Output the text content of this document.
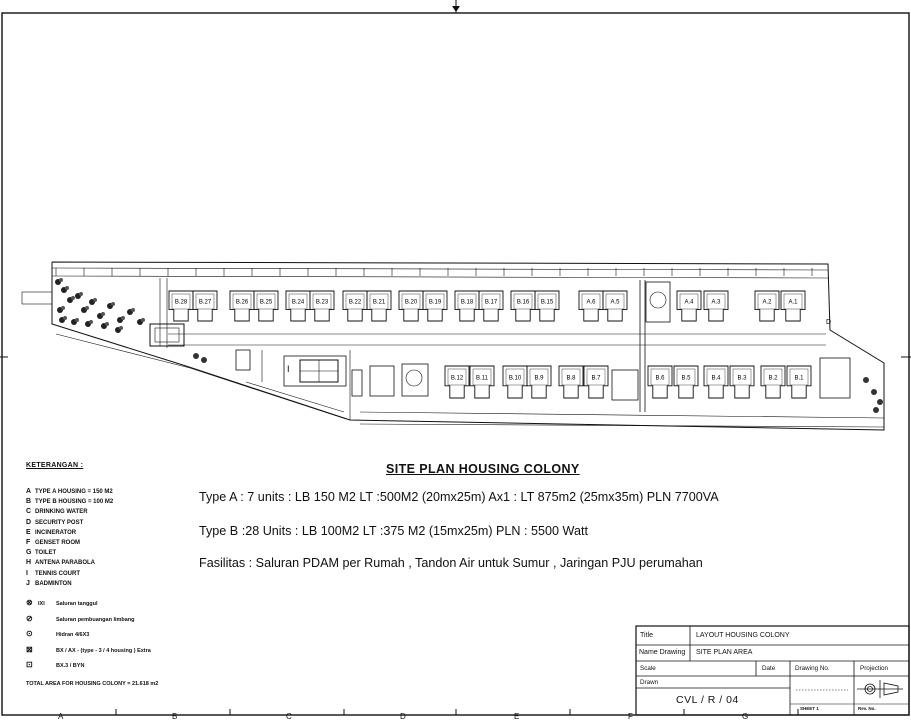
A	B	C	D	E	F	G
B.28 B.27	B.26 B.25	B.24 B.23	B.22 B.21	B.20 B.19	B.18 B.17	B.16 B.15	A.6 A.5	A.4	A.3	A.2	A.1
B.12 B.11	B.10 B.9	B.8	B.7	B.6	B.5	B.4	B.3	B.2	B.1
I
D
KETERANGAN :
A TYPE A HOUSING = 150 M2
B TYPE B HOUSING = 100 M2
C DRINKING WATER
D SECURITY POST
E INCINERATOR
F GENSET ROOM
G TOILET
H ANTENA PARABOLA
I TENNIS COURT
J BADMINTON
⊗ IXI Saluran tanggul
⊘	Saluran pembuangan limbang
⊙	Hidran 4/6X3
⊠	BX / AX - (type - 3 / 4 housing ) Extra
⊡	BX.3 / BYN
TOTAL AREA FOR HOUSING COLONY = 21.618 m2
SITE PLAN HOUSING COLONY
Type A : 7 units : LB 150 M2 LT :500M2 (20mx25m) Ax1 : LT 875m2 (25mx35m) PLN 7700VA
Type B :28 Units : LB 100M2 LT :375 M2 (15mx25m) PLN : 5500 Watt
Fasilitas : Saluran PDAM per Rumah , Tandon Air untuk Sumur , Jaringan PJU perumahan
Title	LAYOUT HOUSING COLONY
Name Drawing SITE PLAN AREA
Scale	Date	Drawing No.	Projection
Drawn
CVL / R / 04
SHEET 1	Rev. No.
